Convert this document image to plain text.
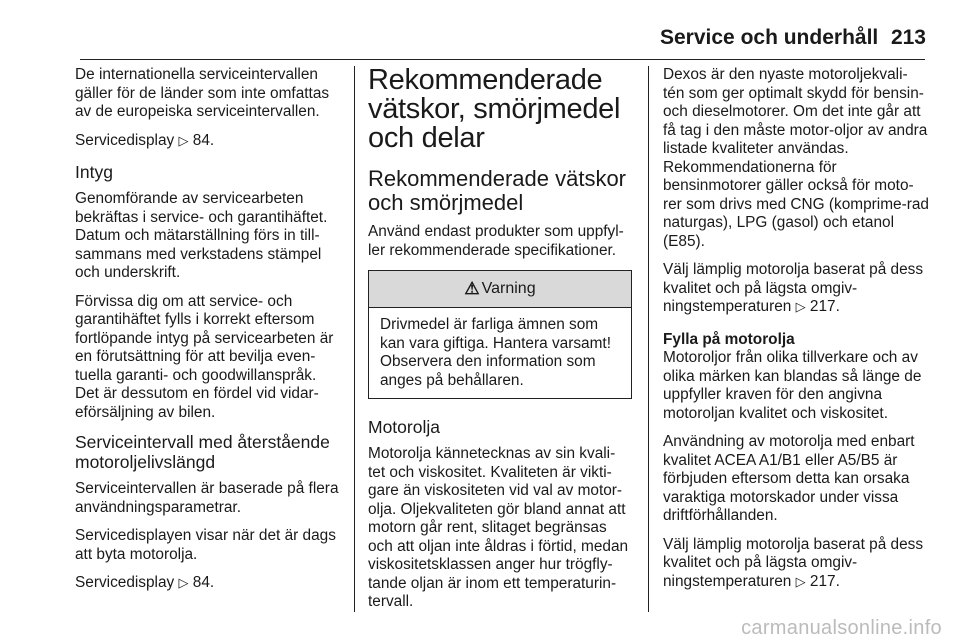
Service och underhåll 213

De internationella serviceintervallen gäller för de länder som inte omfattas av de europeiska serviceintervallen.

Servicedisplay ▷ 84.

Intyg

Genomförande av servicearbeten bekräftas i service- och garantihäftet. Datum och mätarställning förs in till-sammans med verkstadens stämpel och underskrift.

Förvissa dig om att service- och garantihäftet fylls i korrekt eftersom fortlöpande intyg på servicearbeten är en förutsättning för att bevilja even-tuella garanti- och goodwillanspråk. Det är dessutom en fördel vid vidar-eförsäljning av bilen.

Serviceintervall med återstående motoroljelivslängd

Serviceintervallen är baserade på flera användningsparametrar.

Servicedisplayen visar när det är dags att byta motorolja.

Servicedisplay ▷ 84.

Rekommenderade vätskor, smörjmedel och delar
Rekommenderade vätskor och smörjmedel

Använd endast produkter som uppfyl-ler rekommenderade specifikationer.

⚠ Varning
Drivmedel är farliga ämnen som kan vara giftiga. Hantera varsamt! Observera den information som anges på behållaren.
Motorolja

Motorolja kännetecknas av sin kvali-tet och viskositet. Kvaliteten är vikti-gare än viskositeten vid val av motor-olja. Oljekvaliteten gör bland annat att motorn går rent, slitaget begränsas och att oljan inte åldras i förtid, medan viskositetsklassen anger hur trögfly-tande oljan är inom ett temperaturin-tervall.

Dexos är den nyaste motoroljekvali-tén som ger optimalt skydd för bensin- och dieselmotorer. Om det inte går att få tag i den måste motor-oljor av andra listade kvaliteter användas. Rekommendationerna för bensinmotorer gäller också för moto-rer som drivs med CNG (komprime-rad naturgas), LPG (gasol) och etanol (E85).

Välj lämplig motorolja baserat på dess kvalitet och på lägsta omgiv-ningstemperaturen ▷ 217.

Fylla på motorolja

Motoroljor från olika tillverkare och av olika märken kan blandas så länge de uppfyller kraven för den angivna motoroljan kvalitet och viskositet.

Användning av motorolja med enbart kvalitet ACEA A1/B1 eller A5/B5 är förbjuden eftersom detta kan orsaka varaktiga motorskador under vissa driftförhållanden.

Välj lämplig motorolja baserat på dess kvalitet och på lägsta omgiv-ningstemperaturen ▷ 217.

carmanualsonline.info
